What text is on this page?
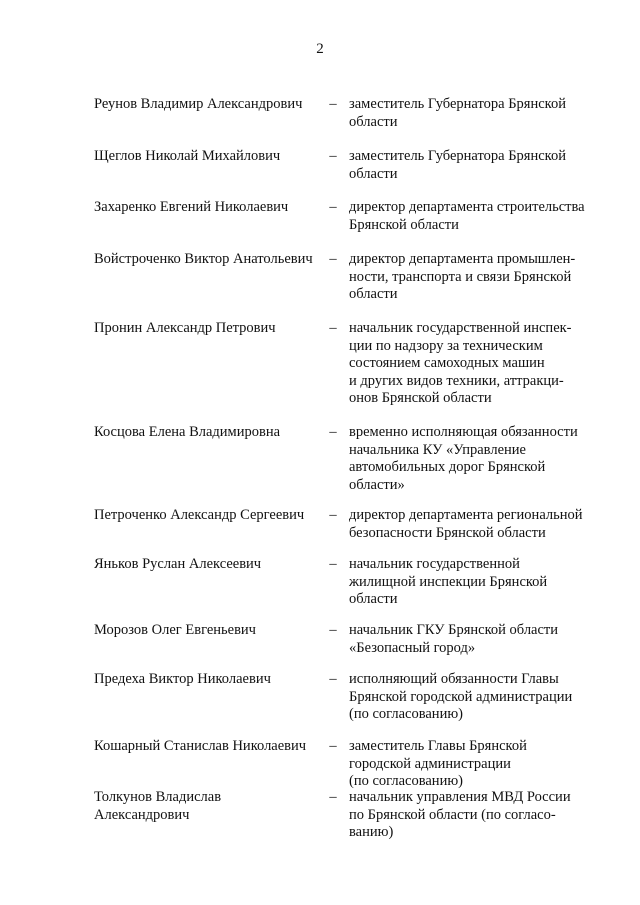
2
Реунов Владимир Александрович	– заместитель Губернатора Брянской
области
Щеглов Николай Михайлович	– заместитель Губернатора Брянской
области
Захаренко Евгений Николаевич	– директор департамента строительства
Брянской области
Войстроченко Виктор Анатольевич	– директор департамента промышлен-
ности, транспорта и связи Брянской
области
Пронин Александр Петрович	– начальник государственной инспек-
ции по надзору за техническим
состоянием самоходных машин
и других видов техники, аттракци-
онов Брянской области
Косцова Елена Владимировна	– временно исполняющая обязанности
начальника КУ «Управление
автомобильных дорог Брянской
области»
Петроченко Александр Сергеевич	– директор департамента региональной
безопасности Брянской области
Яньков Руслан Алексеевич	– начальник государственной
жилищной инспекции Брянской
области
Морозов Олег Евгеньевич	– начальник ГКУ Брянской области
«Безопасный город»
Предеха Виктор Николаевич	– исполняющий обязанности Главы
Брянской городской администрации
(по согласованию)
Кошарный Станислав Николаевич	– заместитель Главы Брянской
городской администрации
(по согласованию)
Толкунов Владислав
Александрович
– начальник управления МВД России
по Брянской области (по согласо-
ванию)
